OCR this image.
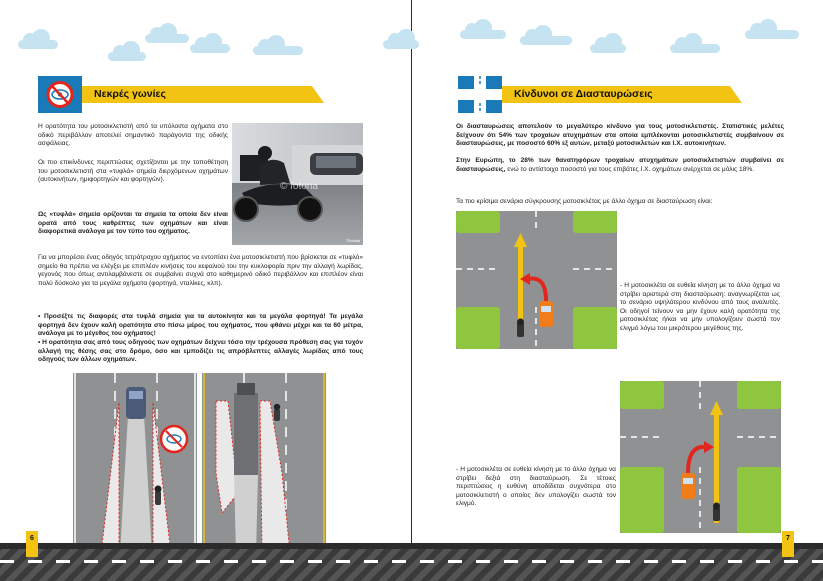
Νεκρές γωνίες

Η ορατότητα του μοτοσικλετιστή από τα υπόλοιπα οχήματα στο οδικό περιβάλλον αποτελεί σημαντικό παράγοντα της οδικής ασφάλειας.

Οι πιο επικίνδυνες περιπτώσεις σχετίζονται με την τοποθέτηση του μοτοσικλετιστή στα «τυφλά» σημεία διερχόμενων οχημάτων (αυτοκινήτων, ημιφορτηγών και φορτηγών).

Ως «τυφλά» σημεία ορίζονται τα σημεία τα οποία δεν είναι ορατά από τους καθρέπτες των οχημάτων και είναι διαφορετικά ανάλογα με τον τύπο του οχήματος.

© fotona
©fotolia

Για να μπορέσει ένας οδηγός τετράτροχου οχήματος να εντοπίσει ένα μοτοσικλετιστή που βρίσκεται σε «τυφλό» σημείο θα πρέπει να ελέγξει με επιπλέον κινήσεις του κεφαλιού του την κυκλοφορία πριν την αλλαγή λωρίδας, γεγονός που όπως αντιλαμβάνεστε σε συμβαίνει συχνά στο καθημερινό οδικό περιβάλλον και επιπλέον είναι πολύ δύσκολο για τα μεγάλα οχήματα (φορτηγά, νταλίκες, κλπ).

• Προσέξτε τις διαφορές στα τυφλά σημεία για τα αυτοκίνητα και τα μεγάλα φορτηγά! Τα μεγάλα φορτηγά δεν έχουν καλή ορατότητα στο πίσω μέρος του οχήματος, που φθάνει μέχρι και τα 60 μέτρα, ανάλογα με το μέγεθος του οχήματος!

• Η ορατότητα σας από τους οδηγούς των οχημάτων δείχνει τόσο την τρέχουσα πρόθεση σας για τυχόν αλλαγή της θέσης σας στο δρόμο, όσο και εμποδίζει τις απρόβλεπτες αλλαγές λωρίδας από τους οδηγούς των άλλων οχημάτων.

Κίνδυνοι σε Διασταυρώσεις

Οι διασταυρώσεις αποτελούν το μεγαλύτερο κίνδυνο για τους μοτοσικλετιστές. Στατιστικές μελέτες δείχνουν ότι 54% των τροχαίων ατυχημάτων στα οποία εμπλέκονται μοτοσικλετιστές συμβαίνουν σε διασταυρώσεις, με ποσοστό 60% εξ αυτών, μεταξύ μοτοσικλετών και Ι.Χ. αυτοκινήτων.

Στην Ευρώπη, το 28% των θανατηφόρων τροχαίων ατυχημάτων μοτοσικλετιστών συμβαίνει σε διασταυρώσεις, ενώ το αντίστοιχο ποσοστό για τους επιβάτες Ι.Χ. οχημάτων ανέρχεται σε μόλις 18%.

Τα πιο κρίσιμα σενάρια σύγκρουσης μοτοσικλέτας με άλλο όχημα σε διασταύρωση είναι:

- Η μοτοσικλέτα σε ευθεία κίνηση με το άλλο όχημα να στρίβει αριστερά στη διασταύρωση: αναγνωρίζεται ως το σενάριο υψηλότερου κινδύνου από τους αναλυτές. Οι οδηγοί τείνουν να μην έχουν καλή ορατότητα της μοτοσικλέτας ή/και να μην υπολογίζουν σωστά τον ελιγμό λόγω του μικρότερου μεγέθους της.

- Η μοτοσικλέτα σε ευθεία κίνηση με το άλλο όχημα να στρίβει δεξιά στη διασταύρωση. Σε τέτοιες περιπτώσεις η ευθύνη αποδίδεται συχνότερα στο μοτοσικλετιστή ο οποίος δεν υπολογίζει σωστά τον ελιγμό.

6	7
